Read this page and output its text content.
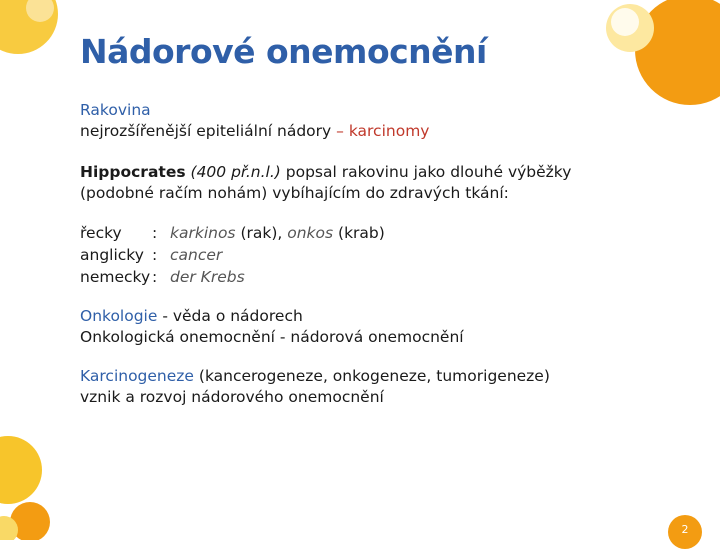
Nádorové onemocnění
Rakovina
nejrozšířenější epiteliální nádory – karcinomy
Hippocrates (400 př.n.l.) popsal rakovinu jako dlouhé výběžky
(podobné račím nohám) vybíhajícím do zdravých tkání:
řecky	:	karkinos (rak), onkos (krab)
anglicky	:	cancer
nemecky	:	der Krebs
Onkologie - věda o nádorech
Onkologická onemocnění - nádorová onemocnění
Karcinogeneze (kancerogeneze, onkogeneze, tumorigeneze)
vznik a rozvoj nádorového onemocnění
2
